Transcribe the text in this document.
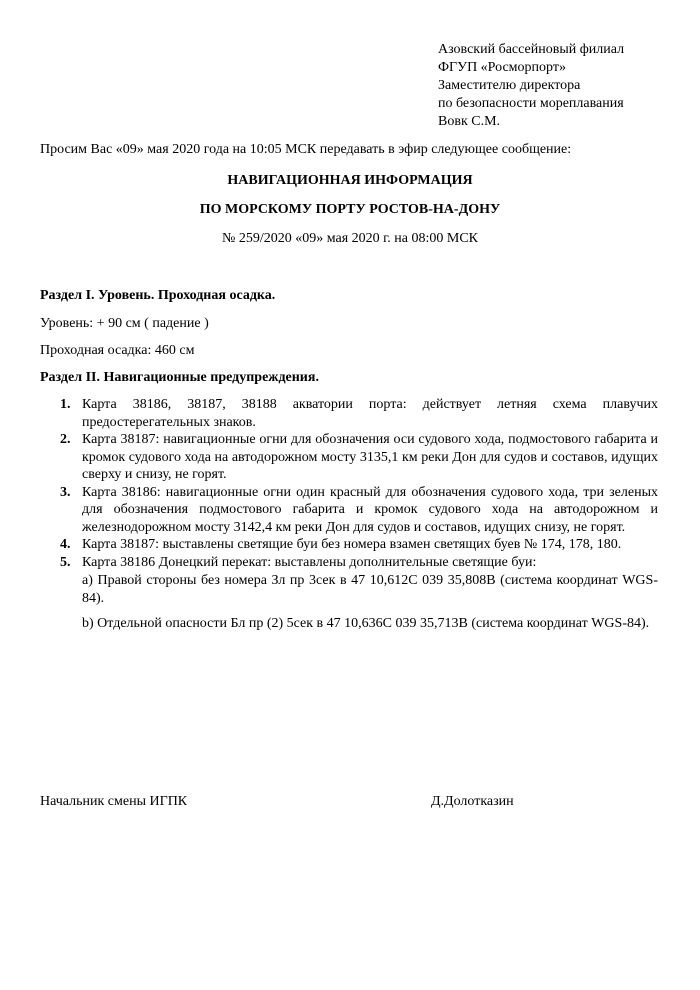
Азовский бассейновый филиал
ФГУП «Росморпорт»
Заместителю директора
по безопасности мореплавания
Вовк С.М.
Просим Вас «09» мая 2020 года на 10:05 МСК передавать в эфир следующее сообщение:
НАВИГАЦИОННАЯ ИНФОРМАЦИЯ
ПО МОРСКОМУ ПОРТУ РОСТОВ-НА-ДОНУ
№ 259/2020 «09» мая 2020 г. на 08:00 МСК
Раздел I. Уровень. Проходная осадка.
Уровень: + 90 см ( падение )
Проходная осадка: 460 см
Раздел II. Навигационные предупреждения.
1. Карта 38186, 38187, 38188 акватории порта: действует летняя схема плавучих предостерегательных знаков.
2. Карта 38187: навигационные огни для обозначения оси судового хода, подмостового габарита и кромок судового хода на автодорожном мосту 3135,1 км реки Дон для судов и составов, идущих сверху и снизу, не горят.
3. Карта 38186: навигационные огни один красный для обозначения судового хода, три зеленых для обозначения подмостового габарита и кромок судового хода на автодорожном и железнодорожном мосту 3142,4 км реки Дон для судов и составов, идущих снизу, не горят.
4. Карта 38187: выставлены светящие буи без номера взамен светящих буев № 174, 178, 180.
5. Карта 38186 Донецкий перекат: выставлены дополнительные светящие буи:
а) Правой стороны без номера Зл пр 3сек в 47 10,612С 039 35,808В (система координат WGS-84).
b) Отдельной опасности Бл пр (2) 5сек в 47 10,636С 039 35,713В (система координат WGS-84).
Начальник смены ИГПК	Д.Долотказин
